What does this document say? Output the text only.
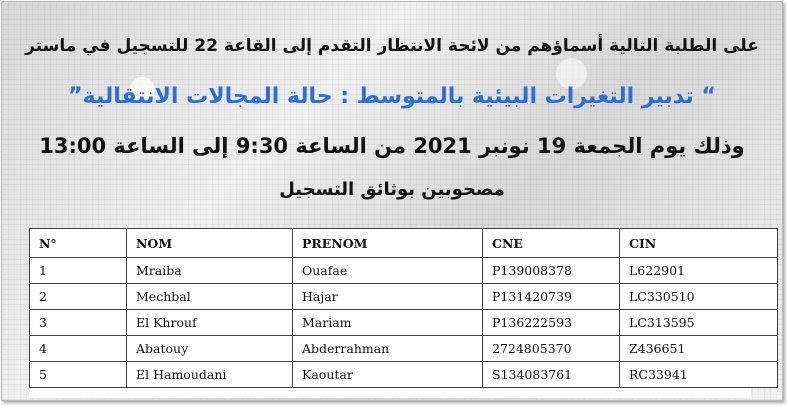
على الطلبة التالية أسماؤهم من لائحة الانتظار التقدم إلى القاعة 22 للتسجيل في ماستر
“ تدبير التغيرات البيئية بالمتوسط : حالة المجالات الانتقالية”
وذلك يوم الجمعة 19 نونبر 2021 من الساعة 9:30 إلى الساعة 13:00
مصحوبين بوثائق التسجيل
N°	NOM	PRENOM	CNE	CIN
1	Mraiba	Ouafae	P139008378	L622901
2	Mechbal	Hajar	P131420739	LC330510
3	El Khrouf	Mariam	P136222593	LC313595
4	Abatouy	Abderrahman	2724805370	Z436651
5	El Hamoudani	Kaoutar	S134083761	RC33941
